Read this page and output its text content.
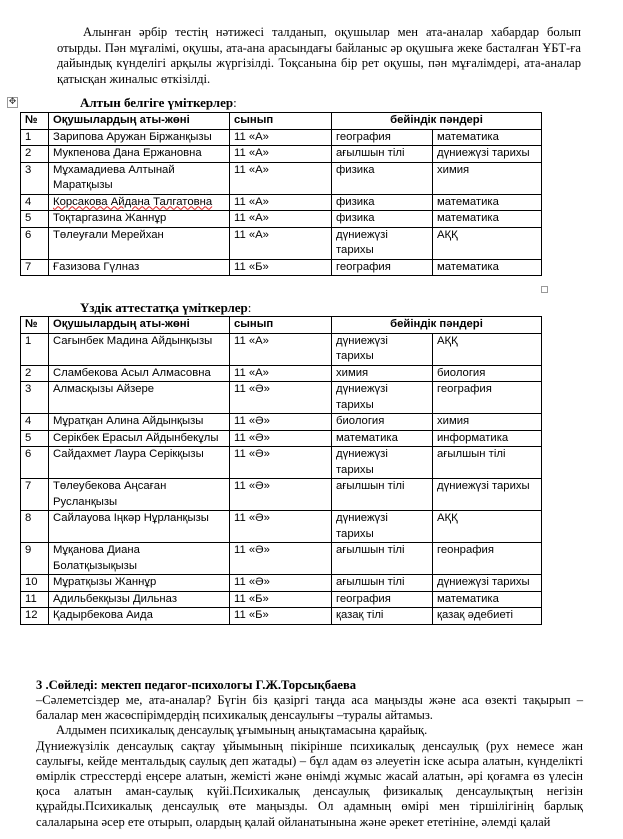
Алынған әрбір тестің нәтижесі талданып, оқушылар мен ата-аналар хабардар болып отырды. Пән мұғалімі, оқушы, ата-ана арасындағы байланыс әр оқушыға жеке басталған ҰБТ-ға дайындық күнделігі арқылы жүргізілді. Тоқсанына бір рет оқушы, пән мұғалімдері, ата-аналар қатысқан жиналыс өткізілді.

✥	Алтын белгіге үміткерлер:

№	Оқушылардың аты-жөні	сынып	бейіндік пәндері	
1	Зарипова Аружан Біржанқызы	11 «А»	география	математика
2	Мукпенова Дана Ержановна	11 «А»	ағылшын тілі	дүниежүзі тарихы
3	Мұхамадиева Алтынай Маратқызы	11 «А»	физика	химия
4	Корсакова Айдана Талгатовна	11 «А»	физика	математика
5	Тоқтаргазина Жаннұр	11 «А»	физика	математика
6	Төлеуғали Мерейхан	11 «А»	дүниежүзі тарихы	АҚҚ
7	Ғазизова Гүлназ	11 «Б»	география	математика

Үздік аттестатқа үміткерлер:

№	Оқушылардың аты-жөні	сынып	бейіндік пәндері	
1	Сағынбек Мадина Айдынқызы	11 «А»	дүниежүзі тарихы	АҚҚ
2	Сламбекова Асыл Алмасовна	11 «А»	химия	биология
3	Алмасқызы Айзере	11 «Ә»	дүниежүзі тарихы	география
4	Мұратқан Алина Айдынқызы	11 «Ә»	биология	химия
5	Серікбек Ерасыл Айдынбекұлы	11 «Ә»	математика	информатика
6	Сайдахмет Лаура Серікқызы	11 «Ә»	дүниежүзі тарихы	ағылшын тілі
7	Төлеубекова Аңсаған Русланқызы	11 «Ә»	ағылшын тілі	дүниежүзі тарихы
8	Сайлауова Іңкәр Нұрланқызы	11 «Ә»	дүниежүзі тарихы	АҚҚ
9	Мұқанова Диана Болатқызықызы	11 «Ә»	ағылшын тілі	геонрафия
10	Мұратқызы Жаннұр	11 «Ә»	ағылшын тілі	дүниежүзі тарихы
11	Адильбекқызы Дильназ	11 «Б»	география	математика
12	Қадырбекова Аида	11 «Б»	қазақ тілі	қазақ әдебиеті

3 .Сөйледі: мектеп педагог-психологы Г.Ж.Торсықбаева

–Сәлеметсіздер ме, ата-аналар? Бүгін біз қазіргі таңда аса маңызды және аса өзекті тақырып – балалар мен жасөспірімдердің психикалық денсаулығы –туралы айтамыз.

Алдымен психикалық денсаулық ұғымының анықтамасына қарайық.

Дүниежүзілік денсаулық сақтау ұйымының пікірінше психикалық денсаулық (рух немесе жан саулығы, кейде ментальдық саулық деп жатады) – бұл адам өз әлеуетін іске асыра алатын, күнделікті өмірлік стресстерді еңсере алатын, жемісті және өнімді жұмыс жасай алатын, әрі қоғамға өз үлесін қоса алатын аман-саулық күйі.Психикалық денсаулық физикалық денсаулықтың негізін құрайды.Психикалық денсаулық өте маңызды. Ол адамның өмірі мен тіршілігінің барлық салаларына әсер ете отырып, олардың қалай ойланатынына және әрекет ететініне, әлемді қалай
